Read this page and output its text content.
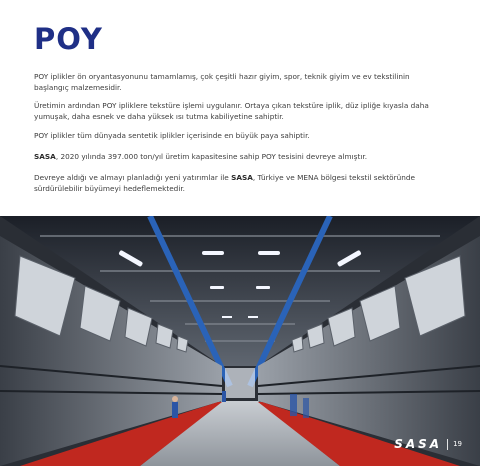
POY
POY iplikler ön oryantasyonunu tamamlamış, çok çeşitli hazır giyim, spor, teknik giyim ve ev tekstilinin başlangıç malzemesidir.
Üretimin ardından POY ipliklere tekstüre işlemi uygulanır. Ortaya çıkan tekstüre iplik, düz ipliğe kıyasla daha yumuşak, daha esnek ve daha yüksek ısı tutma kabiliyetine sahiptir.
POY iplikler tüm dünyada sentetik iplikler içerisinde en büyük paya sahiptir.
SASA, 2020 yılında 397.000 ton/yıl üretim kapasitesine sahip POY tesisini devreye almıştır.
Devreye aldığı ve almayı planladığı yeni yatırımlar ile SASA, Türkiye ve MENA bölgesi tekstil sektöründe sürdürülebilir büyümeyi hedeflemektedir.
SASA 19
